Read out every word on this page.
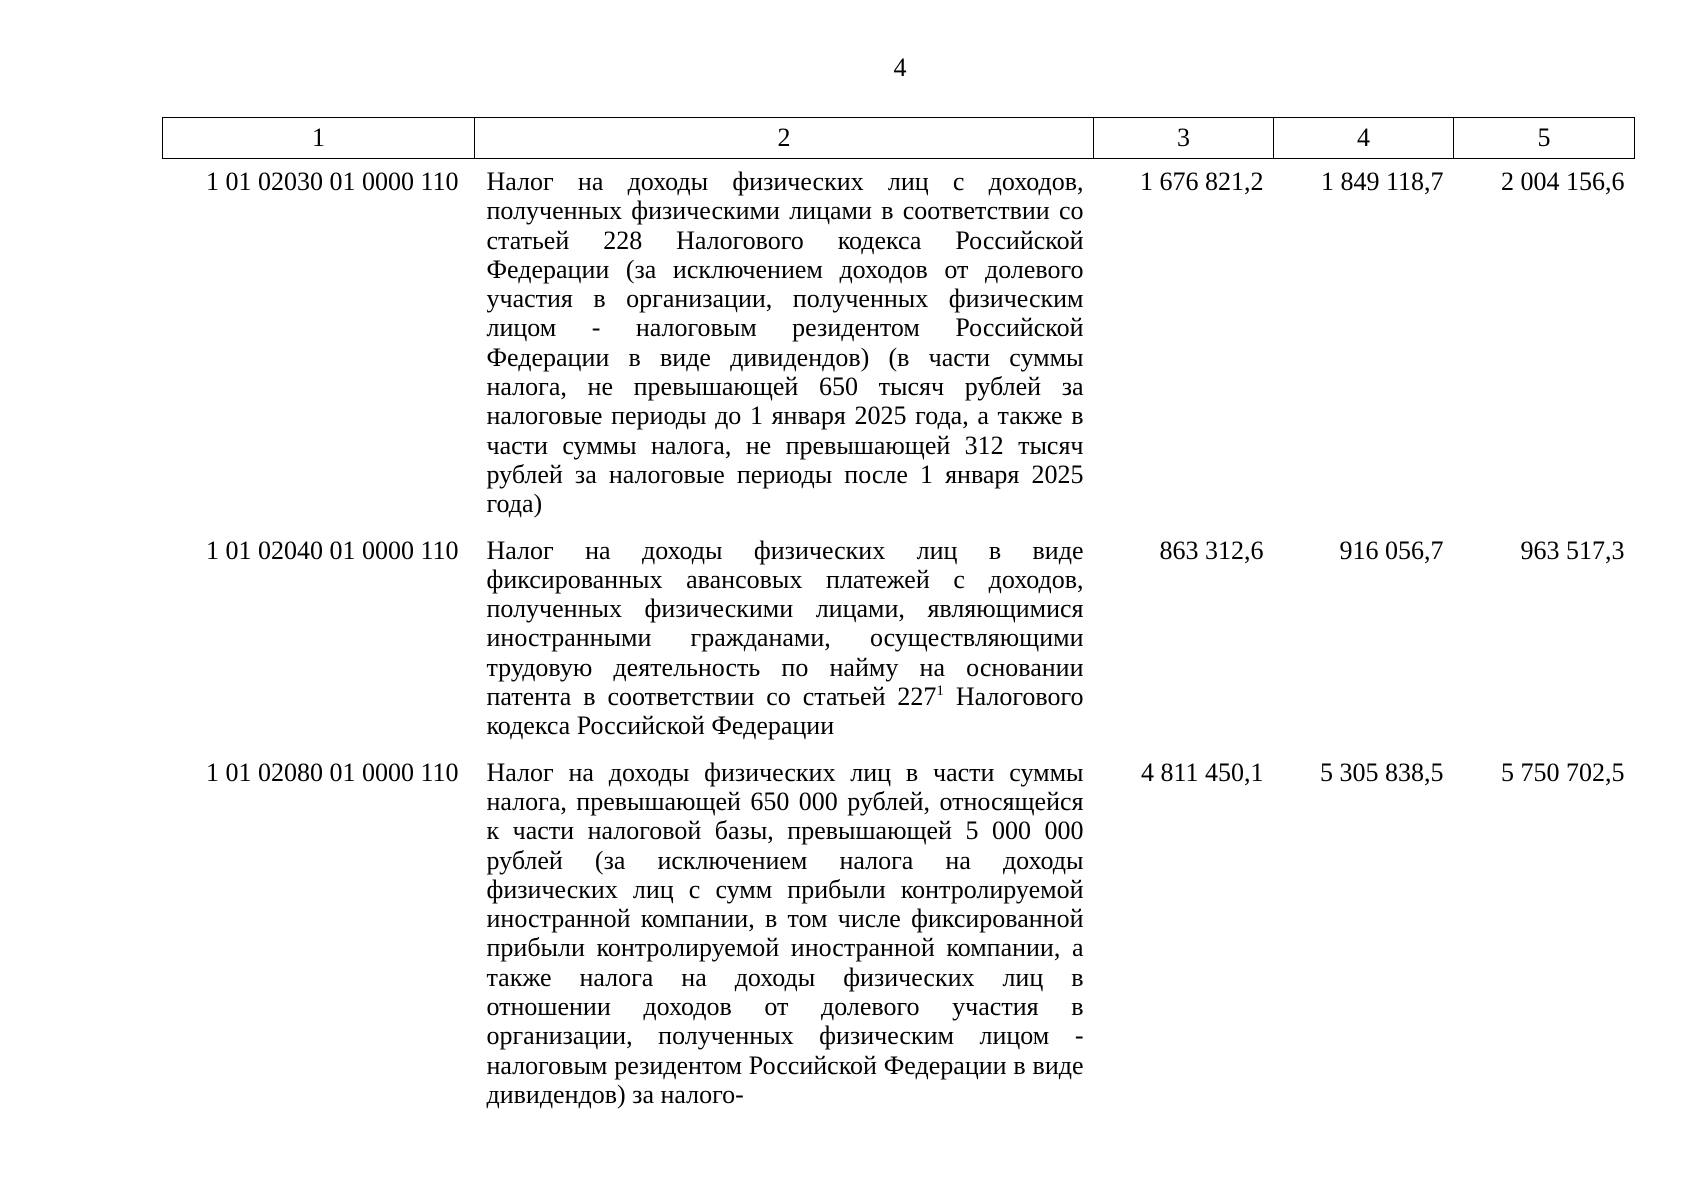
4
1	2	3	4	5
1 01 02030 01 0000 110	Налог на доходы физических лиц с доходов, полученных физическими лицами в соответствии со статьей 228 Налогового кодекса Российской Федерации (за исключением доходов от долевого участия в организации, полученных физическим лицом - налоговым резидентом Российской Федерации в виде дивидендов) (в части суммы налога, не превышающей 650 тысяч рублей за налоговые периоды до 1 января 2025 года, а также в части суммы налога, не превышающей 312 тысяч рублей за налоговые периоды после 1 января 2025 года)	1 676 821,2	1 849 118,7	2 004 156,6
1 01 02040 01 0000 110	Налог на доходы физических лиц в виде фиксированных авансовых платежей с доходов, полученных физическими лицами, являющимися иностранными гражданами, осуществляющими трудовую деятельность по найму на основании патента в соответствии со статьей $227^1$ Налогового кодекса Российской Федерации	863 312,6	916 056,7	963 517,3
1 01 02080 01 0000 110	Налог на доходы физических лиц в части суммы налога, превышающей 650 000 рублей, относящейся к части налоговой базы, превышающей 5 000 000 рублей (за исключением налога на доходы физических лиц с сумм прибыли контролируемой иностранной компании, в том числе фиксированной прибыли контролируемой иностранной компании, а также налога на доходы физических лиц в отношении доходов от долевого участия в организации, полученных физическим лицом - налоговым резидентом Российской Федерации в виде дивидендов) за налого-	4 811 450,1	5 305 838,5	5 750 702,5
